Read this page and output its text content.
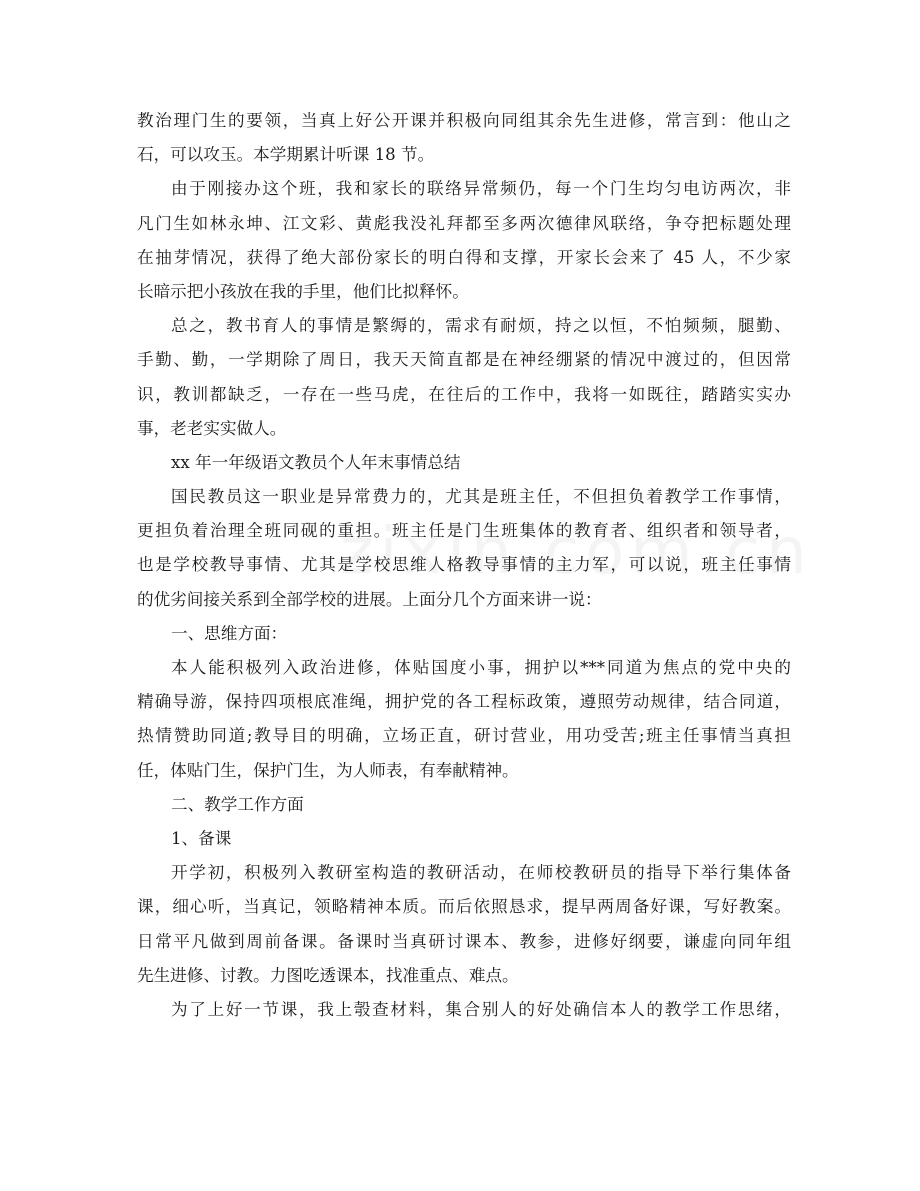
教治理门生的要领，当真上好公开课并积极向同组其余先生进修，常言到：他山之
石，可以攻玉。本学期累计听课 18 节。
由于刚接办这个班，我和家长的联络异常频仍，每一个门生均匀电访两次，非
凡门生如林永坤、江文彩、黄彪我没礼拜都至多两次德律风联络，争夺把标题处理
在抽芽情况，获得了绝大部份家长的明白得和支撑，开家长会来了 45 人，不少家
长暗示把小孩放在我的手里，他们比拟释怀。
总之，教书育人的事情是繁缛的，需求有耐烦，持之以恒，不怕频频，腿勤、
手勤、勤，一学期除了周日，我天天简直都是在神经绷紧的情况中渡过的，但因常
识，教训都缺乏，一存在一些马虎，在往后的工作中，我将一如既往，踏踏实实办
事，老老实实做人。
xx 年一年级语文教员个人年末事情总结
国民教员这一职业是异常费力的，尤其是班主任，不但担负着教学工作事情，
更担负着治理全班同砚的重担。班主任是门生班集体的教育者、组织者和领导者，
也是学校教导事情、尤其是学校思维人格教导事情的主力军，可以说，班主任事情
的优劣间接关系到全部学校的进展。上面分几个方面来讲一说：
一、思维方面：
本人能积极列入政治进修，体贴国度小事，拥护以***同道为焦点的党中央的
精确导游，保持四项根底准绳，拥护党的各工程标政策，遵照劳动规律，结合同道，
热情赞助同道;教导目的明确，立场正直，研讨营业，用功受苦;班主任事情当真担
任，体贴门生，保护门生，为人师表，有奉献精神。
二、教学工作方面
1、备课
开学初，积极列入教研室构造的教研活动，在师校教研员的指导下举行集体备
课，细心听，当真记，领略精神本质。而后依照恳求，提早两周备好课，写好教案。
日常平凡做到周前备课。备课时当真研讨课本、教参，进修好纲要，谦虚向同年组
先生进修、讨教。力图吃透课本，找准重点、难点。
为了上好一节课，我上彀查材料，集合别人的好处确信本人的教学工作思绪，
